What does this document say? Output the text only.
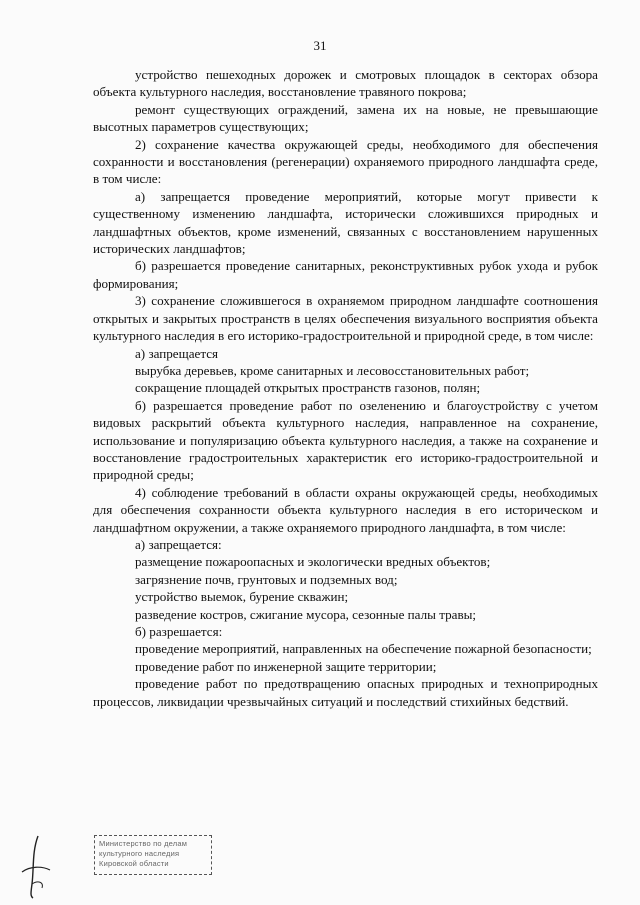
31

устройство пешеходных дорожек и смотровых площадок в секторах обзора объекта культурного наследия, восстановление травяного покрова;

ремонт существующих ограждений, замена их на новые, не превышающие высотных параметров существующих;

2) сохранение качества окружающей среды, необходимого для обеспечения сохранности и восстановления (регенерации) охраняемого природного ландшафта среде, в том числе:

а) запрещается проведение мероприятий, которые могут привести к существенному изменению ландшафта, исторически сложившихся природных и ландшафтных объектов, кроме изменений, связанных с восстановлением нарушенных исторических ландшафтов;

б) разрешается проведение санитарных, реконструктивных рубок ухода и рубок формирования;

3) сохранение сложившегося в охраняемом природном ландшафте соотношения открытых и закрытых пространств в целях обеспечения визуального восприятия объекта культурного наследия в его историко-градостроительной и природной среде, в том числе:

а) запрещается

вырубка деревьев, кроме санитарных и лесовосстановительных работ;

сокращение площадей открытых пространств газонов, полян;

б) разрешается проведение работ по озеленению и благоустройству с учетом видовых раскрытий объекта культурного наследия, направленное на сохранение, использование и популяризацию объекта культурного наследия, а также на сохранение и восстановление градостроительных характеристик его историко-градостроительной и природной среды;

4) соблюдение требований в области охраны окружающей среды, необходимых для обеспечения сохранности объекта культурного наследия в его историческом и ландшафтном окружении, а также охраняемого природного ландшафта, в том числе:

а) запрещается:

размещение пожароопасных и экологически вредных объектов;

загрязнение почв, грунтовых и подземных вод;

устройство выемок, бурение скважин;

разведение костров, сжигание мусора, сезонные палы травы;

б) разрешается:

проведение мероприятий, направленных на обеспечение пожарной безопасности;

проведение работ по инженерной защите территории;

проведение работ по предотвращению опасных природных и техноприродных процессов, ликвидации чрезвычайных ситуаций и последствий стихийных бедствий.

Министерство по делам
культурного наследия
Кировской области
